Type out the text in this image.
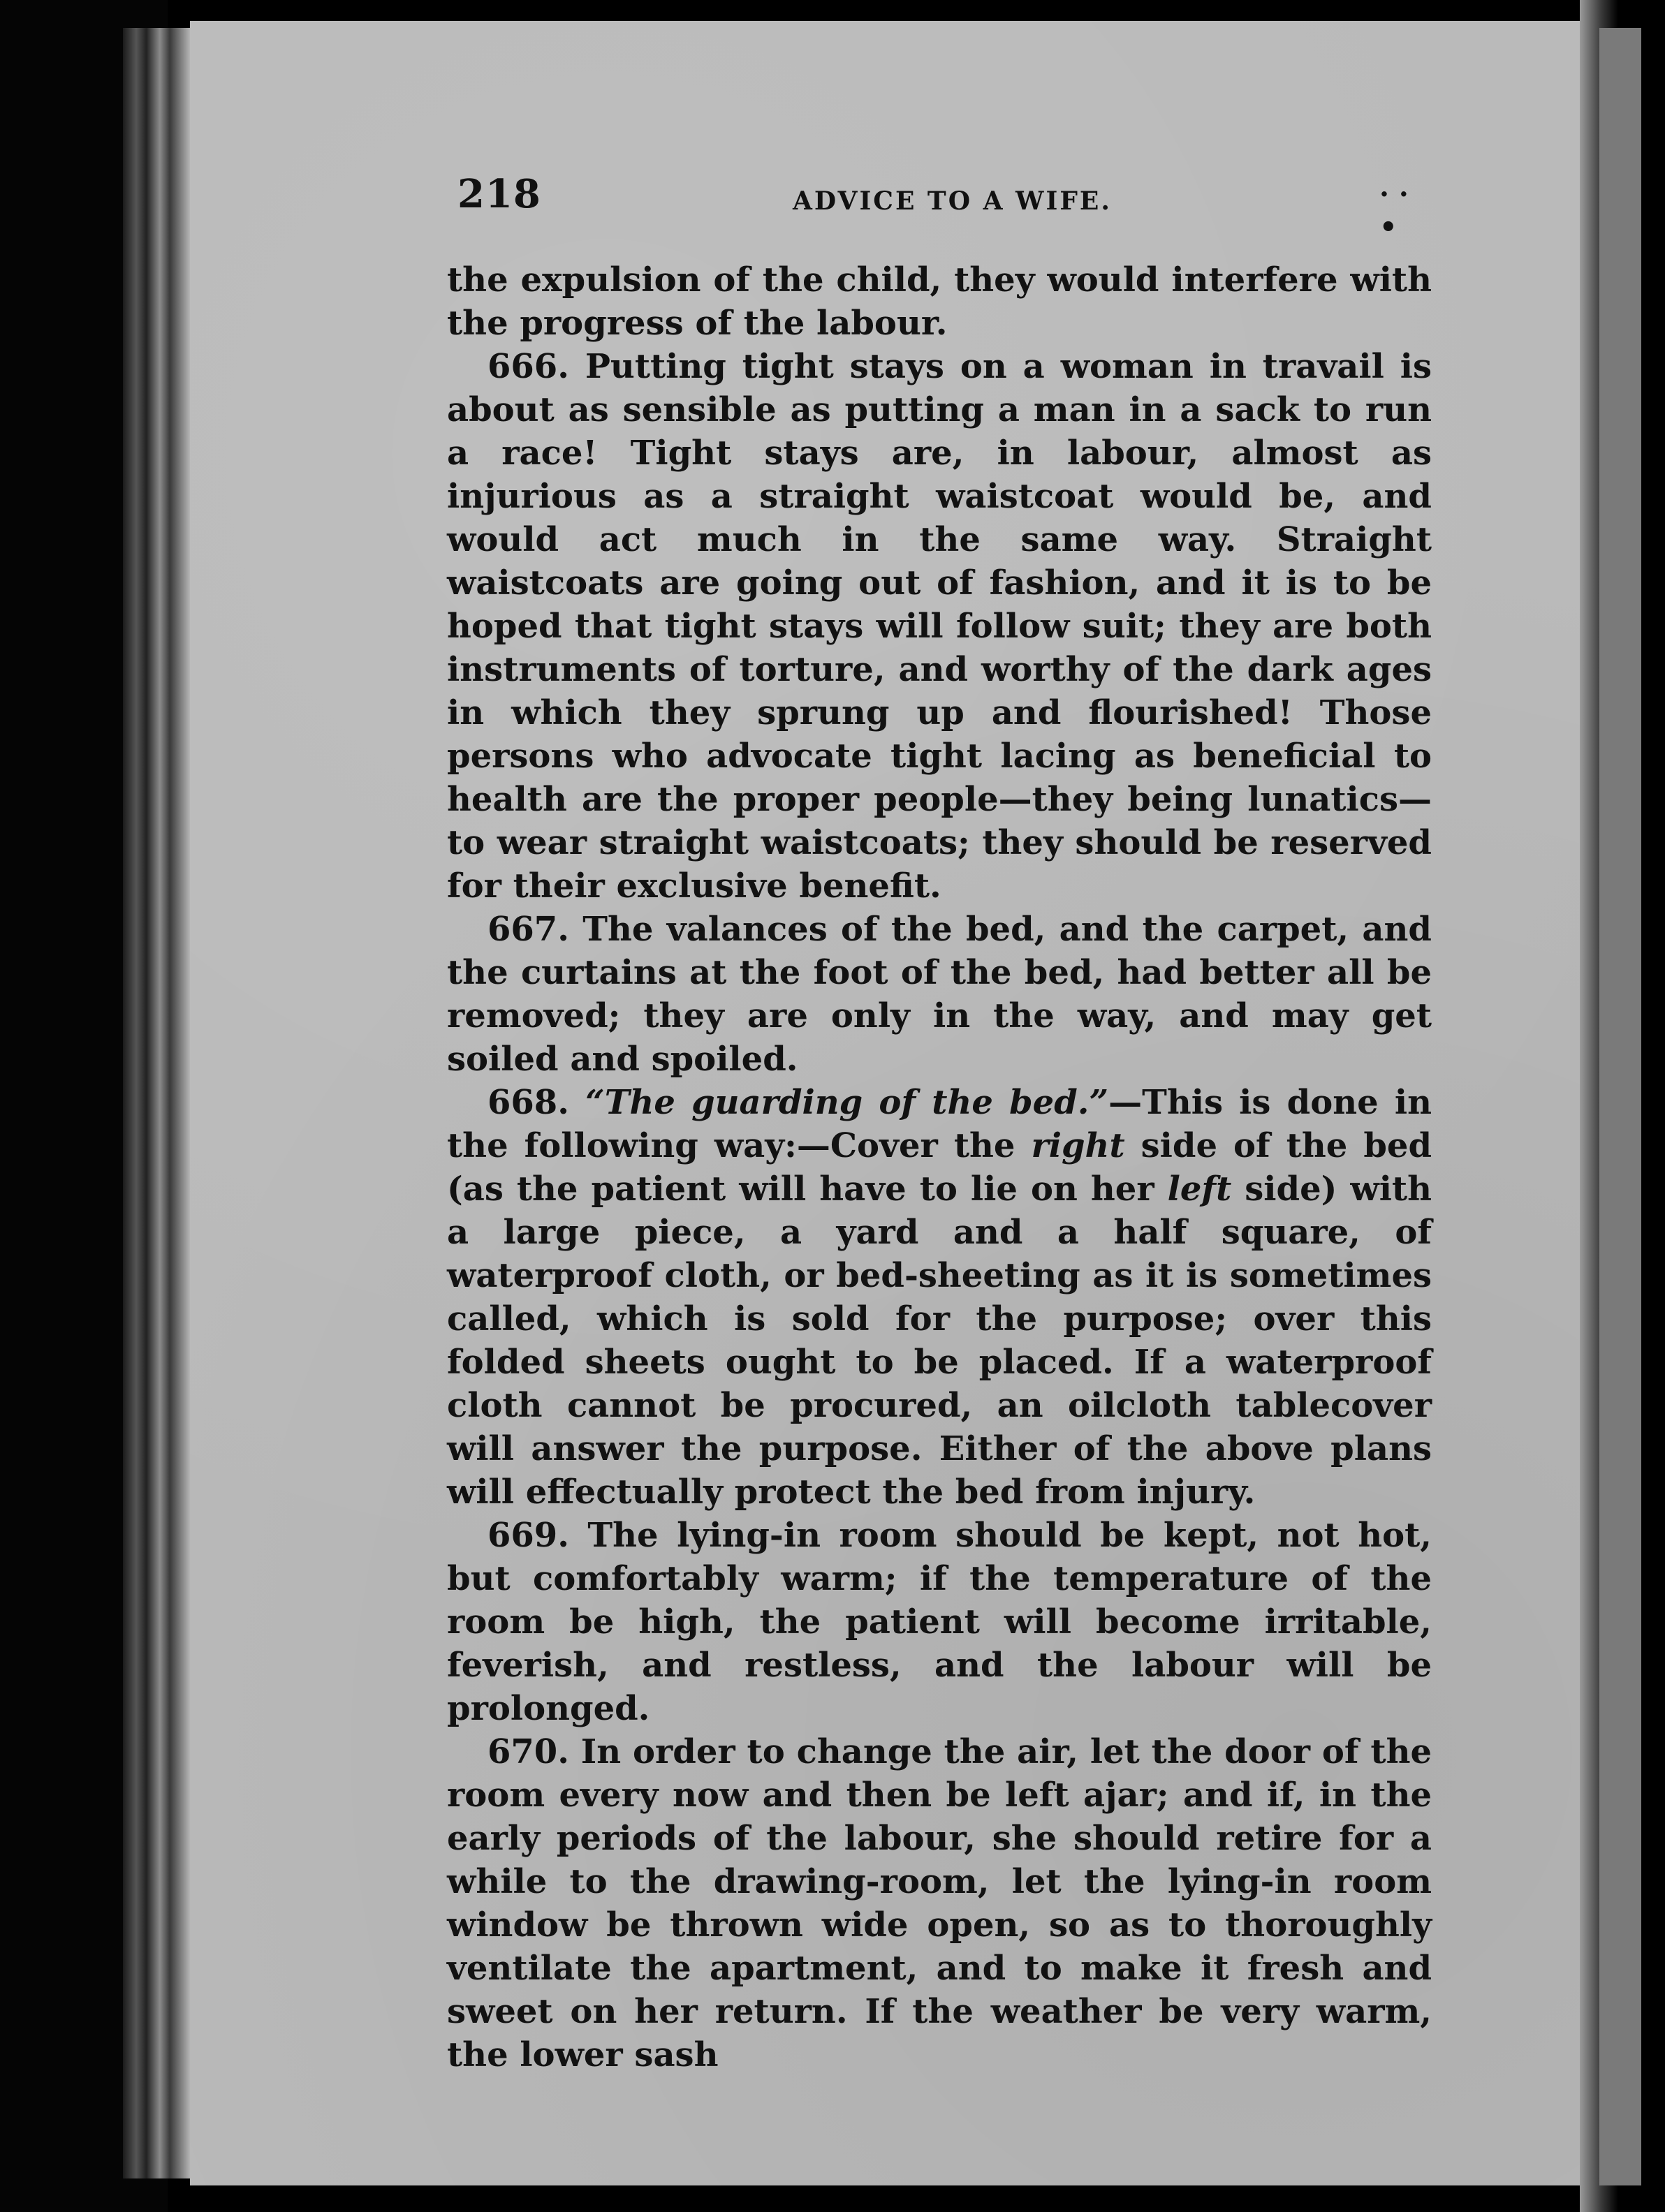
218	ADVICE TO A WIFE.	· · •

the expulsion of the child, they would interfere with the progress of the labour.

666. Putting tight stays on a woman in travail is about as sensible as putting a man in a sack to run a race! Tight stays are, in labour, almost as injurious as a straight waistcoat would be, and would act much in the same way. Straight waistcoats are going out of fashion, and it is to be hoped that tight stays will follow suit; they are both instruments of torture, and worthy of the dark ages in which they sprung up and flourished! Those persons who advocate tight lacing as beneficial to health are the proper people—they being lunatics—to wear straight waistcoats; they should be reserved for their exclusive benefit.

667. The valances of the bed, and the carpet, and the curtains at the foot of the bed, had better all be removed; they are only in the way, and may get soiled and spoiled.

668. “The guarding of the bed.”—This is done in the following way:—Cover the right side of the bed (as the patient will have to lie on her left side) with a large piece, a yard and a half square, of waterproof cloth, or bed-sheeting as it is sometimes called, which is sold for the purpose; over this folded sheets ought to be placed. If a waterproof cloth cannot be procured, an oilcloth tablecover will answer the purpose. Either of the above plans will effectually protect the bed from injury.

669. The lying-in room should be kept, not hot, but comfortably warm; if the temperature of the room be high, the patient will become irritable, feverish, and restless, and the labour will be prolonged.

670. In order to change the air, let the door of the room every now and then be left ajar; and if, in the early periods of the labour, she should retire for a while to the drawing-room, let the lying-in room window be thrown wide open, so as to thoroughly ventilate the apartment, and to make it fresh and sweet on her return. If the weather be very warm, the lower sash
